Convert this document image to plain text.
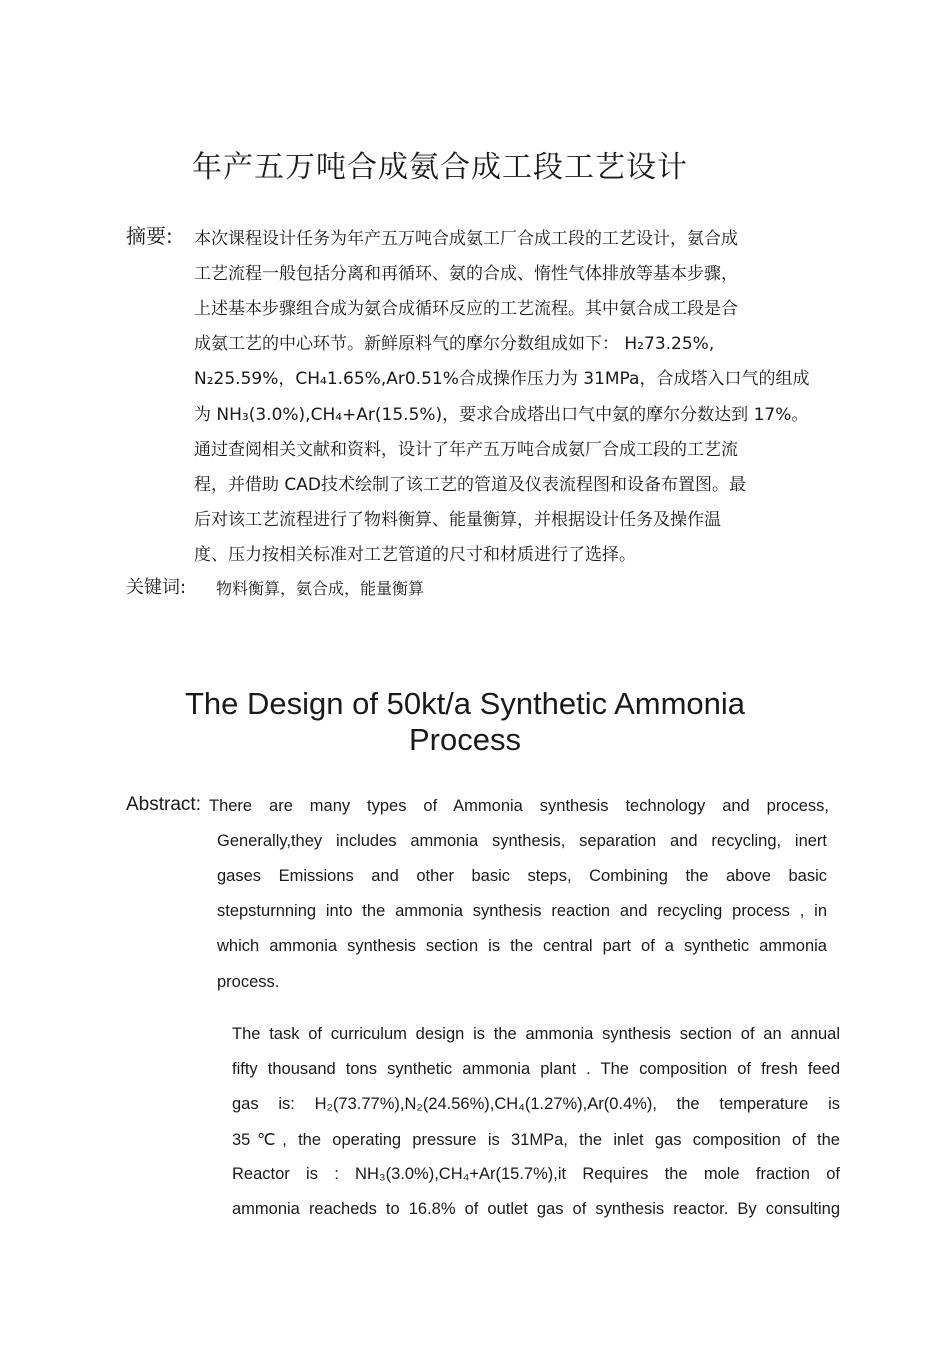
年产五万吨合成氨合成工段工艺设计
摘要: 本次课程设计任务为年产五万吨合成氨工厂合成工段的工艺设计，氨合成
工艺流程一般包括分离和再循环、氨的合成、惰性气体排放等基本步骤，
上述基本步骤组合成为氨合成循环反应的工艺流程。其中氨合成工段是合
成氨工艺的中心环节。新鲜原料气的摩尔分数组成如下： H₂73.25%,
N₂25.59%，CH₄1.65%,Ar0.51%合成操作压力为 31MPa，合成塔入口气的组成
为 NH₃(3.0%),CH₄+Ar(15.5%)，要求合成塔出口气中氨的摩尔分数达到 17%。
通过查阅相关文献和资料，设计了年产五万吨合成氨厂合成工段的工艺流
程，并借助 CAD技术绘制了该工艺的管道及仪表流程图和设备布置图。最
后对该工艺流程进行了物料衡算、能量衡算，并根据设计任务及操作温
度、压力按相关标准对工艺管道的尺寸和材质进行了选择。
关键词: 物料衡算，氨合成，能量衡算
The Design of 50kt/a Synthetic Ammonia Process
Abstract: There are many types of Ammonia synthesis technology and process,
Generally,they includes ammonia synthesis, separation and recycling, inert
gases Emissions and other basic steps, Combining the above basic
stepsturnning into the ammonia synthesis reaction and recycling process , in
which ammonia synthesis section is the central part of a synthetic ammonia
process.
The task of curriculum design is the ammonia synthesis section of an annual
fifty thousand tons synthetic ammonia plant . The composition of fresh feed
gas is: H₂(73.77%),N₂(24.56%),CH₄(1.27%),Ar(0.4%), the temperature is
35℃, the operating pressure is 31MPa, the inlet gas composition of the
Reactor is : NH₃(3.0%),CH₄+Ar(15.7%),it Requires the mole fraction of
ammonia reacheds to 16.8% of outlet gas of synthesis reactor. By consulting
